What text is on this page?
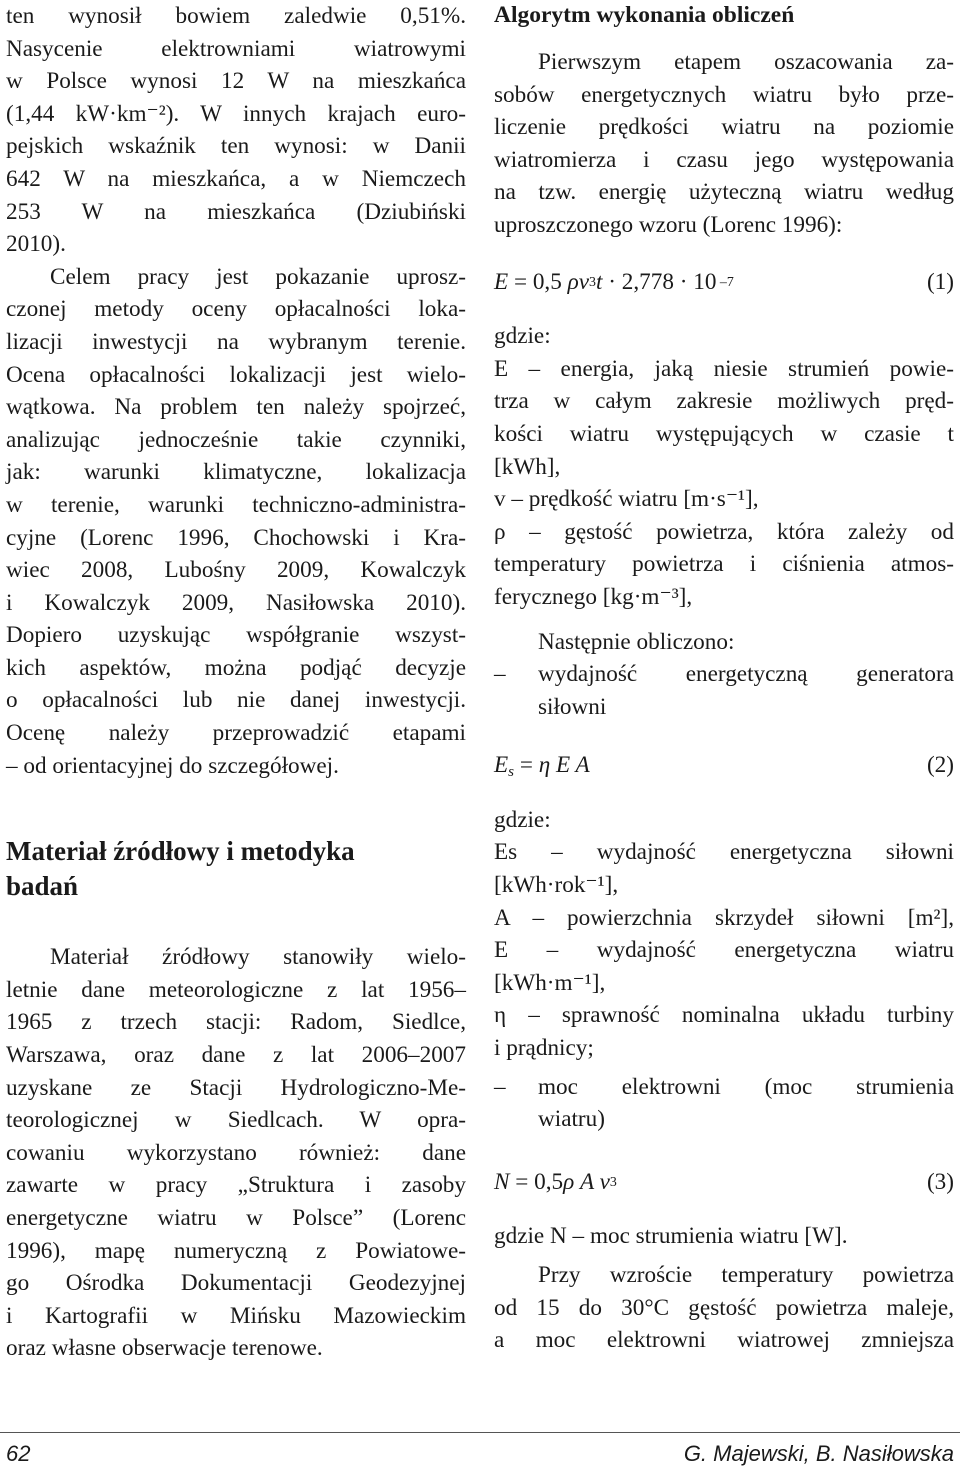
ten wynosił bowiem zaledwie 0,51%.
Nasycenie elektrowniami wiatrowymi
w Polsce wynosi 12 W na mieszkańca
(1,44 kW·km⁻²). W innych krajach euro-
pejskich wskaźnik ten wynosi: w Danii
642 W na mieszkańca, a w Niemczech
253 W na mieszkańca (Dziubiński
2010).
Celem pracy jest pokazanie uprosz-
czonej metody oceny opłacalności loka-
lizacji inwestycji na wybranym terenie.
Ocena opłacalności lokalizacji jest wielo-
wątkowa. Na problem ten należy spojrzeć,
analizując jednocześnie takie czynniki,
jak: warunki klimatyczne, lokalizacja
w terenie, warunki techniczno-administra-
cyjne (Lorenc 1996, Chochowski i Kra-
wiec 2008, Lubośny 2009, Kowalczyk
i Kowalczyk 2009, Nasiłowska 2010).
Dopiero uzyskując współgranie wszyst-
kich aspektów, można podjąć decyzje
o opłacalności lub nie danej inwestycji.
Ocenę należy przeprowadzić etapami
– od orientacyjnej do szczegółowej.
Materiał źródłowy i metodyka
badań
Materiał źródłowy stanowiły wielo-
letnie dane meteorologiczne z lat 1956–
1965 z trzech stacji: Radom, Siedlce,
Warszawa, oraz dane z lat 2006–2007
uzyskane ze Stacji Hydrologiczno-Me-
teorologicznej w Siedlcach. W opra-
cowaniu wykorzystano również: dane
zawarte w pracy „Struktura i zasoby
energetyczne wiatru w Polsce” (Lorenc
1996), mapę numeryczną z Powiatowe-
go Ośrodka Dokumentacji Geodezyjnej
i Kartografii w Mińsku Mazowieckim
oraz własne obserwacje terenowe.
Algorytm wykonania obliczeń
Pierwszym etapem oszacowania za-
sobów energetycznych wiatru było prze-
liczenie prędkości wiatru na poziomie
wiatromierza i czasu jego występowania
na tzw. energię użyteczną wiatru według
uproszczonego wzoru (Lorenc 1996):
E = 0,5 $\rho v^3t \cdot 2,778 \cdot 10$ $^{-7}$	(1)
gdzie:
E – energia, jaką niesie strumień powie-
trza w całym zakresie możliwych pręd-
kości wiatru występujących w czasie t
[kWh],
v – prędkość wiatru [m·s⁻¹],
ρ – gęstość powietrza, która zależy od
temperatury powietrza i ciśnienia atmos-
ferycznego [kg·m⁻³],
Następnie obliczono:
–	wydajność energetyczną generatora
siłowni
$E_s = \eta$ E A	(2)
gdzie:
Es – wydajność energetyczna siłowni
[kWh·rok⁻¹],
A – powierzchnia skrzydeł siłowni [m²],
E – wydajność energetyczna wiatru
[kWh·m⁻¹],
η – sprawność nominalna układu turbiny
i prądnicy;
–	moc elektrowni (moc strumienia
wiatru)
N = 0,5ρ A $v^3$	(3)
gdzie N – moc strumienia wiatru [W].
Przy wzroście temperatury powietrza
od 15 do 30°C gęstość powietrza maleje,
a moc elektrowni wiatrowej zmniejsza
62	G. Majewski, B. Nasiłowska
